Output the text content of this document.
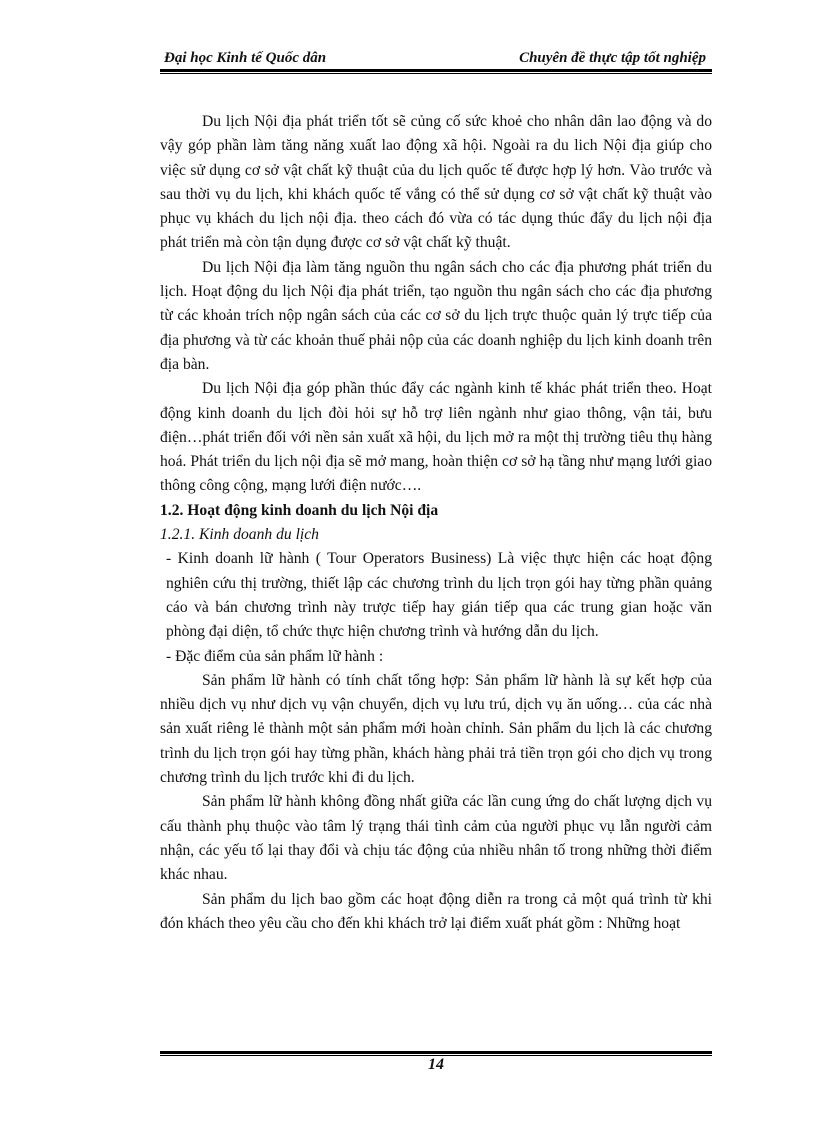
Đại học Kinh tế Quốc dân	Chuyên đề thực tập tốt nghiệp

Du lịch Nội địa phát triển tốt sẽ củng cố sức khoẻ cho nhân dân lao động và do vậy góp phần làm tăng năng xuất lao động xã hội. Ngoài ra du lich Nội địa giúp cho việc sử dụng cơ sở vật chất kỹ thuật của du lịch quốc tế được hợp lý hơn. Vào trước và sau thời vụ du lịch, khi khách quốc tế vắng có thể sử dụng cơ sở vật chất kỹ thuật vào phục vụ khách du lịch nội địa. theo cách đó vừa có tác dụng thúc đẩy du lịch nội địa phát triển mà còn tận dụng được cơ sở vật chất kỹ thuật.

Du lịch Nội địa làm tăng nguồn thu ngân sách cho các địa phương phát triển du lịch. Hoạt động du lịch Nội địa phát triển, tạo nguồn thu ngân sách cho các địa phương từ các khoản trích nộp ngân sách của các cơ sở du lịch trực thuộc quản lý trực tiếp của địa phương và từ các khoản thuế phải nộp của các doanh nghiệp du lịch kinh doanh trên địa bàn.

Du lịch Nội địa góp phần thúc đẩy các ngành kinh tế khác phát triển theo. Hoạt động kinh doanh du lịch đòi hỏi sự hỗ trợ liên ngành như giao thông, vận tải, bưu điện…phát triển đối với nền sản xuất xã hội, du lịch mở ra một thị trường tiêu thụ hàng hoá. Phát triển du lịch nội địa sẽ mở mang, hoàn thiện cơ sở hạ tầng như mạng lưới giao thông công cộng, mạng lưới điện nước….

1.2. Hoạt động kinh doanh du lịch Nội địa

1.2.1. Kinh doanh du lịch

- Kinh doanh lữ hành ( Tour Operators Business) Là việc thực hiện các hoạt động nghiên cứu thị trường, thiết lập các chương trình du lịch trọn gói hay từng phần quảng cáo và bán chương trình này trược tiếp hay gián tiếp qua các trung gian hoặc văn phòng đại diện, tổ chức thực hiện chương trình và hướng dẫn du lịch.

- Đặc điểm của sản phẩm lữ hành :

Sản phẩm lữ hành có tính chất tổng hợp: Sản phẩm lữ hành là sự kết hợp của nhiều dịch vụ như dịch vụ vận chuyển, dịch vụ lưu trú, dịch vụ ăn uống… của các nhà sản xuất riêng lẻ thành một sản phẩm mới hoàn chỉnh. Sản phẩm du lịch là các chương trình du lịch trọn gói hay từng phần, khách hàng phải trả tiền trọn gói cho dịch vụ trong chương trình du lịch trước khi đi du lịch.

Sản phẩm lữ hành không đồng nhất giữa các lần cung ứng do chất lượng dịch vụ cấu thành phụ thuộc vào tâm lý trạng thái tình cảm của người phục vụ lẫn người cảm nhận, các yếu tố lại thay đổi và chịu tác động của nhiều nhân tố trong những thời điểm khác nhau.

Sản phẩm du lịch bao gồm các hoạt động diễn ra trong cả một quá trình từ khi đón khách theo yêu cầu cho đến khi khách trở lại điểm xuất phát gồm : Những hoạt

14
